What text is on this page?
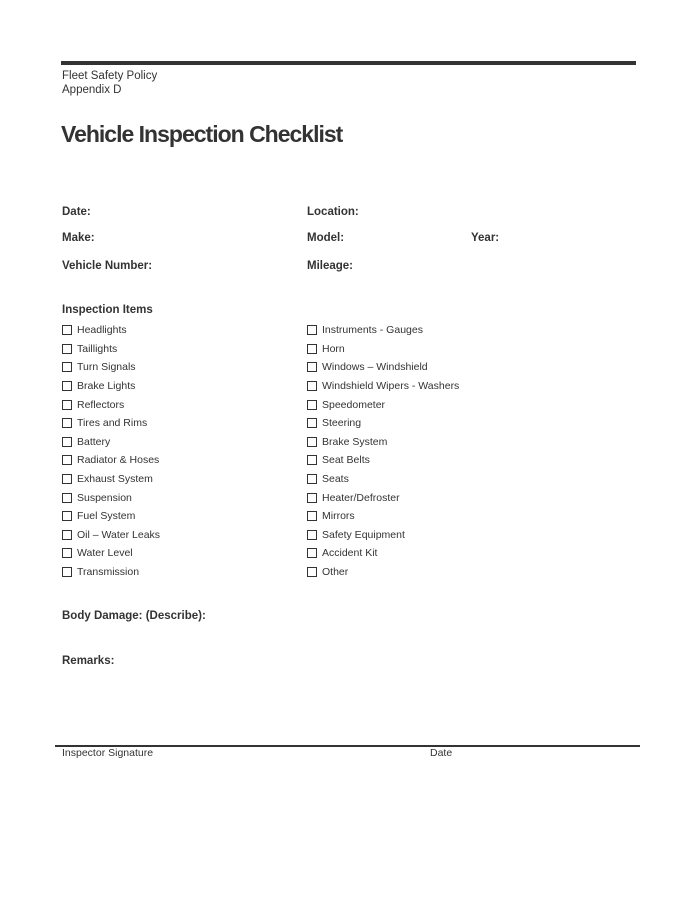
Fleet Safety Policy
Appendix D
Vehicle Inspection Checklist
Date:	Location:
Make:	Model:	Year:
Vehicle Number:	Mileage:
Inspection Items
Headlights
Taillights
Turn Signals
Brake Lights
Reflectors
Tires and Rims
Battery
Radiator & Hoses
Exhaust System
Suspension
Fuel System
Oil – Water Leaks
Water Level
Transmission
Instruments - Gauges
Horn
Windows – Windshield
Windshield Wipers - Washers
Speedometer
Steering
Brake System
Seat Belts
Seats
Heater/Defroster
Mirrors
Safety Equipment
Accident Kit
Other
Body Damage: (Describe):
Remarks:
Inspector Signature	Date
